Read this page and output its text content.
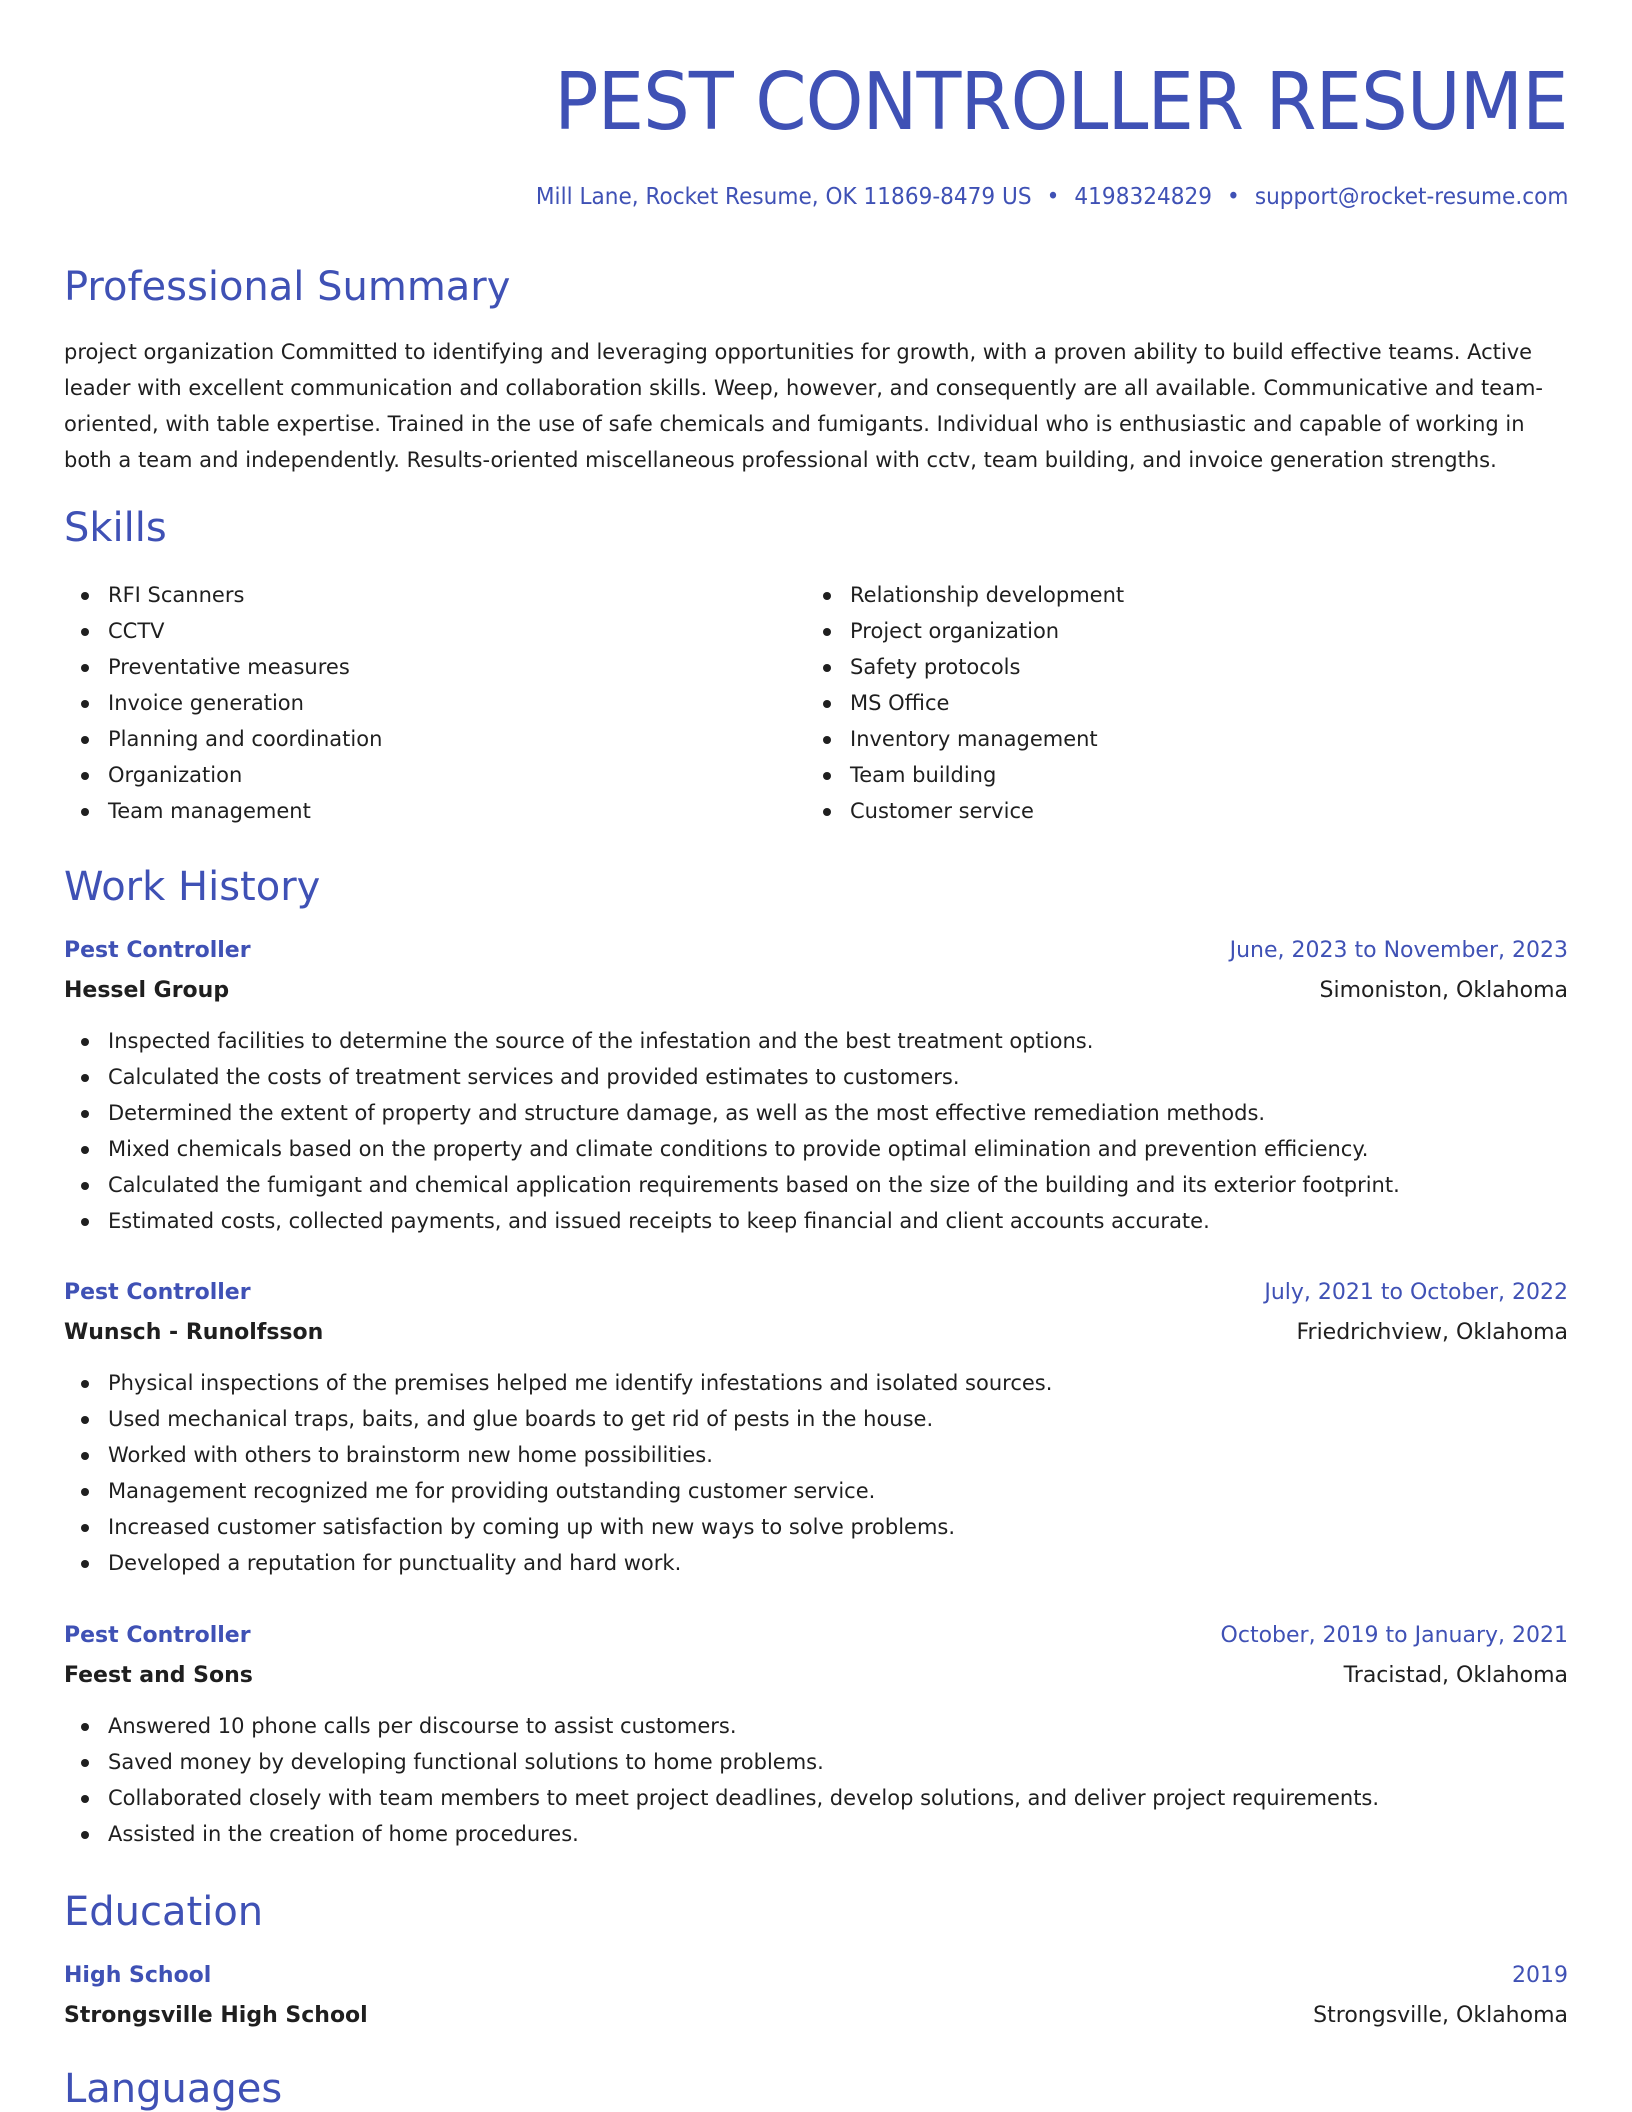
PEST CONTROLLER RESUME
Mill Lane, Rocket Resume, OK 11869-8479 US • 4198324829 • support@rocket-resume.com
Professional Summary

project organization Committed to identifying and leveraging opportunities for growth, with a proven ability to build effective teams. Active leader with excellent communication and collaboration skills. Weep, however, and consequently are all available. Communicative and team-oriented, with table expertise. Trained in the use of safe chemicals and fumigants. Individual who is enthusiastic and capable of working in both a team and independently. Results-oriented miscellaneous professional with cctv, team building, and invoice generation strengths.

Skills
RFI Scanners
CCTV
Preventative measures
Invoice generation
Planning and coordination
Organization
Team management
Relationship development
Project organization
Safety protocols
MS Office
Inventory management
Team building
Customer service
Work History
Pest Controller	June, 2023 to November, 2023
Hessel Group	Simoniston, Oklahoma
Inspected facilities to determine the source of the infestation and the best treatment options.
Calculated the costs of treatment services and provided estimates to customers.
Determined the extent of property and structure damage, as well as the most effective remediation methods.
Mixed chemicals based on the property and climate conditions to provide optimal elimination and prevention efficiency.
Calculated the fumigant and chemical application requirements based on the size of the building and its exterior footprint.
Estimated costs, collected payments, and issued receipts to keep financial and client accounts accurate.
Pest Controller	July, 2021 to October, 2022
Wunsch - Runolfsson	Friedrichview, Oklahoma
Physical inspections of the premises helped me identify infestations and isolated sources.
Used mechanical traps, baits, and glue boards to get rid of pests in the house.
Worked with others to brainstorm new home possibilities.
Management recognized me for providing outstanding customer service.
Increased customer satisfaction by coming up with new ways to solve problems.
Developed a reputation for punctuality and hard work.
Pest Controller	October, 2019 to January, 2021
Feest and Sons	Tracistad, Oklahoma
Answered 10 phone calls per discourse to assist customers.
Saved money by developing functional solutions to home problems.
Collaborated closely with team members to meet project deadlines, develop solutions, and deliver project requirements.
Assisted in the creation of home procedures.
Education
High School	2019
Strongsville High School	Strongsville, Oklahoma
Languages
